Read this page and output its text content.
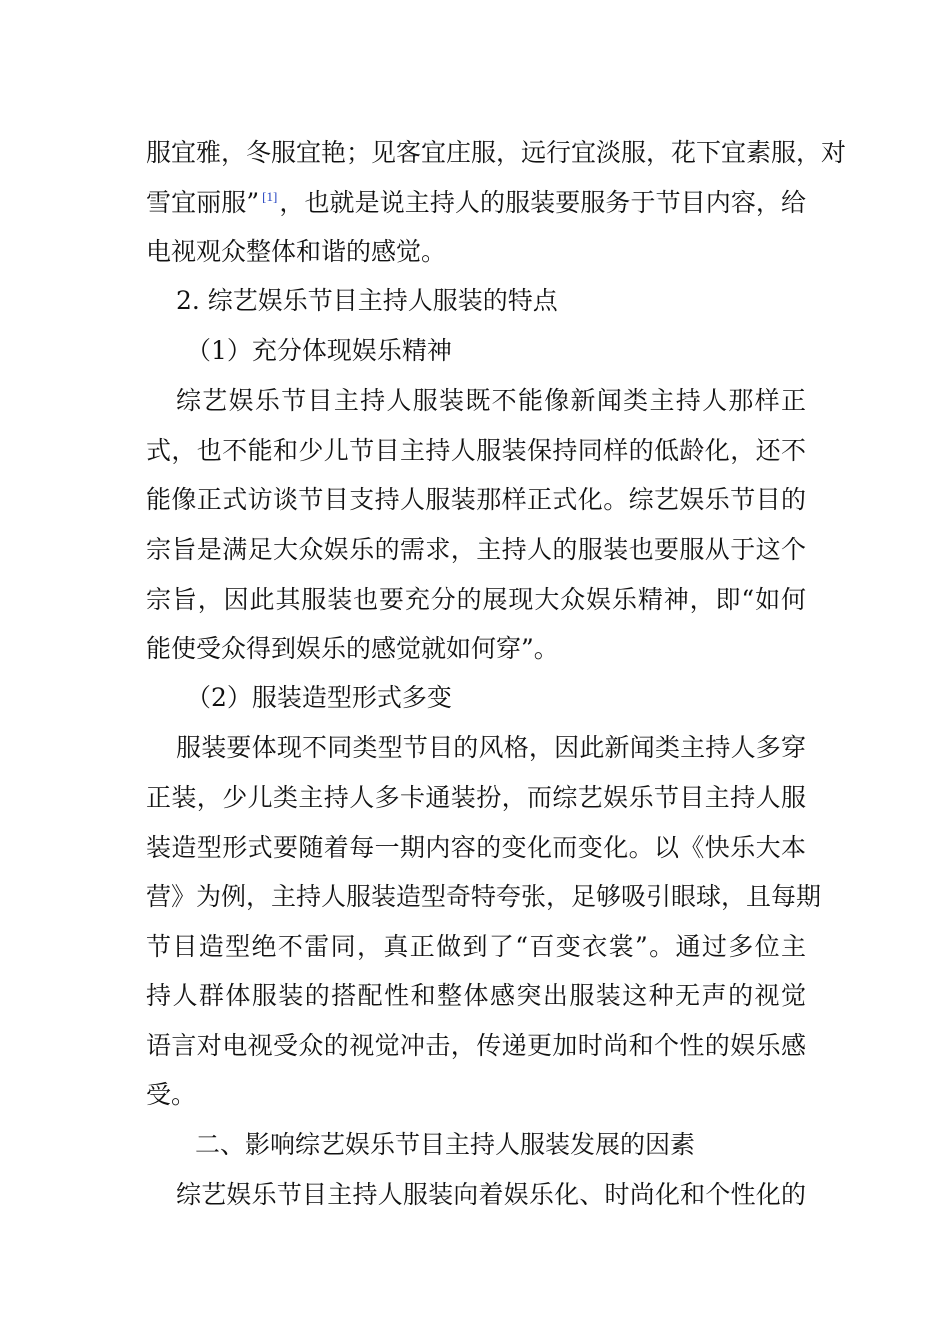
服宜雅，冬服宜艳；见客宜庄服，远行宜淡服，花下宜素服，对
雪宜丽服” [1]，也就是说主持人的服装要服务于节目内容，给
电视观众整体和谐的感觉。
2. 综艺娱乐节目主持人服装的特点
（1）充分体现娱乐精神
综艺娱乐节目主持人服装既不能像新闻类主持人那样正
式，也不能和少儿节目主持人服装保持同样的低龄化，还不
能像正式访谈节目支持人服装那样正式化。综艺娱乐节目的
宗旨是满足大众娱乐的需求，主持人的服装也要服从于这个
宗旨，因此其服装也要充分的展现大众娱乐精神，即“如何
能使受众得到娱乐的感觉就如何穿”。
（2）服装造型形式多变
服装要体现不同类型节目的风格，因此新闻类主持人多穿
正装，少儿类主持人多卡通装扮，而综艺娱乐节目主持人服
装造型形式要随着每一期内容的变化而变化。以《快乐大本
营》为例，主持人服装造型奇特夸张，足够吸引眼球，且每期
节目造型绝不雷同，真正做到了“百变衣裳”。通过多位主
持人群体服装的搭配性和整体感突出服装这种无声的视觉
语言对电视受众的视觉冲击，传递更加时尚和个性的娱乐感
受。
二、影响综艺娱乐节目主持人服装发展的因素
综艺娱乐节目主持人服装向着娱乐化、时尚化和个性化的
